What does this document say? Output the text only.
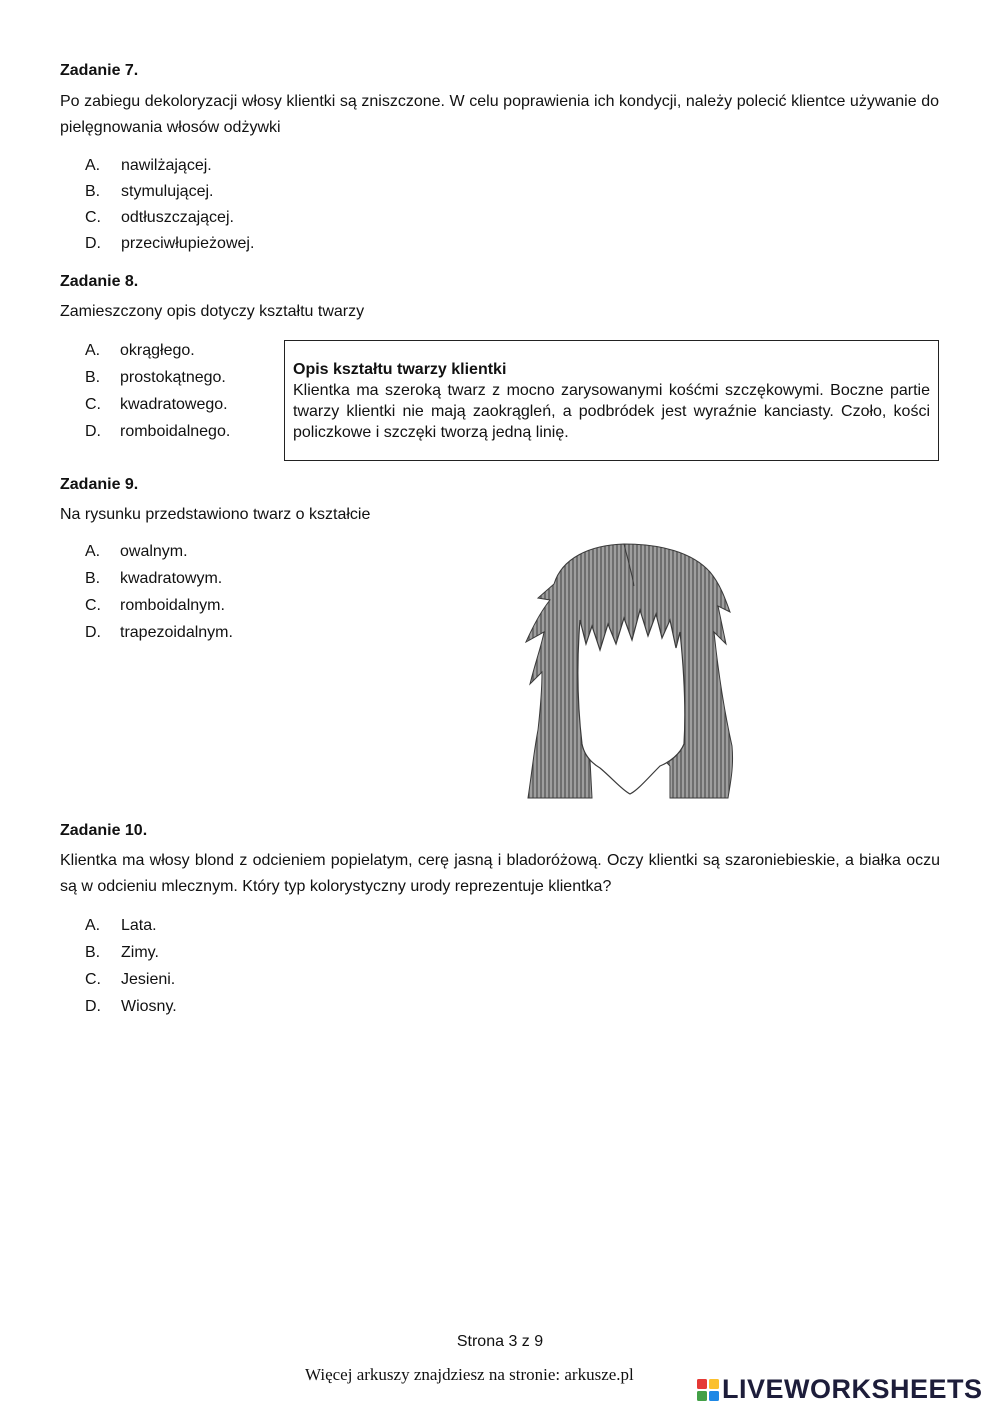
Zadanie 7.
Po zabiegu dekoloryzacji włosy klientki są zniszczone. W celu poprawienia ich kondycji, należy polecić klientce używanie do pielęgnowania włosów odżywki
A. nawilżającej.
B. stymulującej.
C. odtłuszczającej.
D. przeciwłupieżowej.
Zadanie 8.
Zamieszczony opis dotyczy kształtu twarzy
A. okrągłego.
B. prostokątnego.
C. kwadratowego.
D. romboidalnego.
Opis kształtu twarzy klientki
Klientka ma szeroką twarz z mocno zarysowanymi kośćmi szczękowymi. Boczne partie twarzy klientki nie mają zaokrągleń, a podbródek jest wyraźnie kanciasty. Czoło, kości policzkowe i szczęki tworzą jedną linię.
Zadanie 9.
Na rysunku przedstawiono twarz o kształcie
A. owalnym.
B. kwadratowym.
C. romboidalnym.
D. trapezoidalnym.
Zadanie 10.
Klientka ma włosy blond z odcieniem popielatym, cerę jasną i bladoróżową. Oczy klientki są szaroniebieskie, a białka oczu są w odcieniu mlecznym. Który typ kolorystyczny urody reprezentuje klientka?
A. Lata.
B. Zimy.
C. Jesieni.
D. Wiosny.
Strona 3 z 9
Więcej arkuszy znajdziesz na stronie: arkusze.pl	LIVEWORKSHEETS
